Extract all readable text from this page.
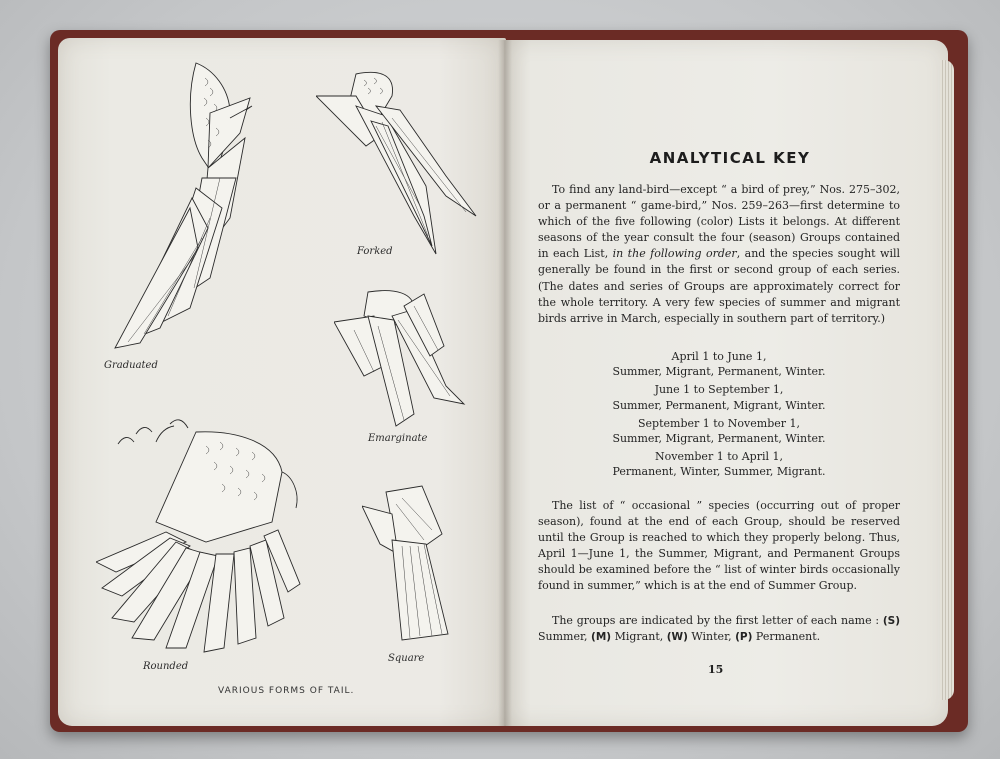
Graduated
Forked
Emarginate
Rounded
Square
VARIOUS FORMS OF TAIL.
ANALYTICAL KEY
To find any land-bird—except “ a bird of prey,” Nos. 275–302, or a permanent “ game-bird,” Nos. 259–263—first determine to which of the five following (color) Lists it belongs. At different seasons of the year consult the four (season) Groups contained in each List, in the following order, and the species sought will generally be found in the first or second group of each series. (The dates and series of Groups are approximately correct for the whole territory. A very few species of summer and migrant birds arrive in March, especially in southern part of territory.)
April 1 to June 1,
Summer, Migrant, Permanent, Winter.
June 1 to September 1,
Summer, Permanent, Migrant, Winter.
September 1 to November 1,
Summer, Migrant, Permanent, Winter.
November 1 to April 1,
Permanent, Winter, Summer, Migrant.
The list of “ occasional ” species (occurring out of proper season), found at the end of each Group, should be reserved until the Group is reached to which they properly belong. Thus, April 1—June 1, the Summer, Migrant, and Permanent Groups should be examined before the “ list of winter birds occasionally found in summer,” which is at the end of Summer Group.
The groups are indicated by the first letter of each name : (S) Summer, (M) Migrant, (W) Winter, (P) Permanent.
15
